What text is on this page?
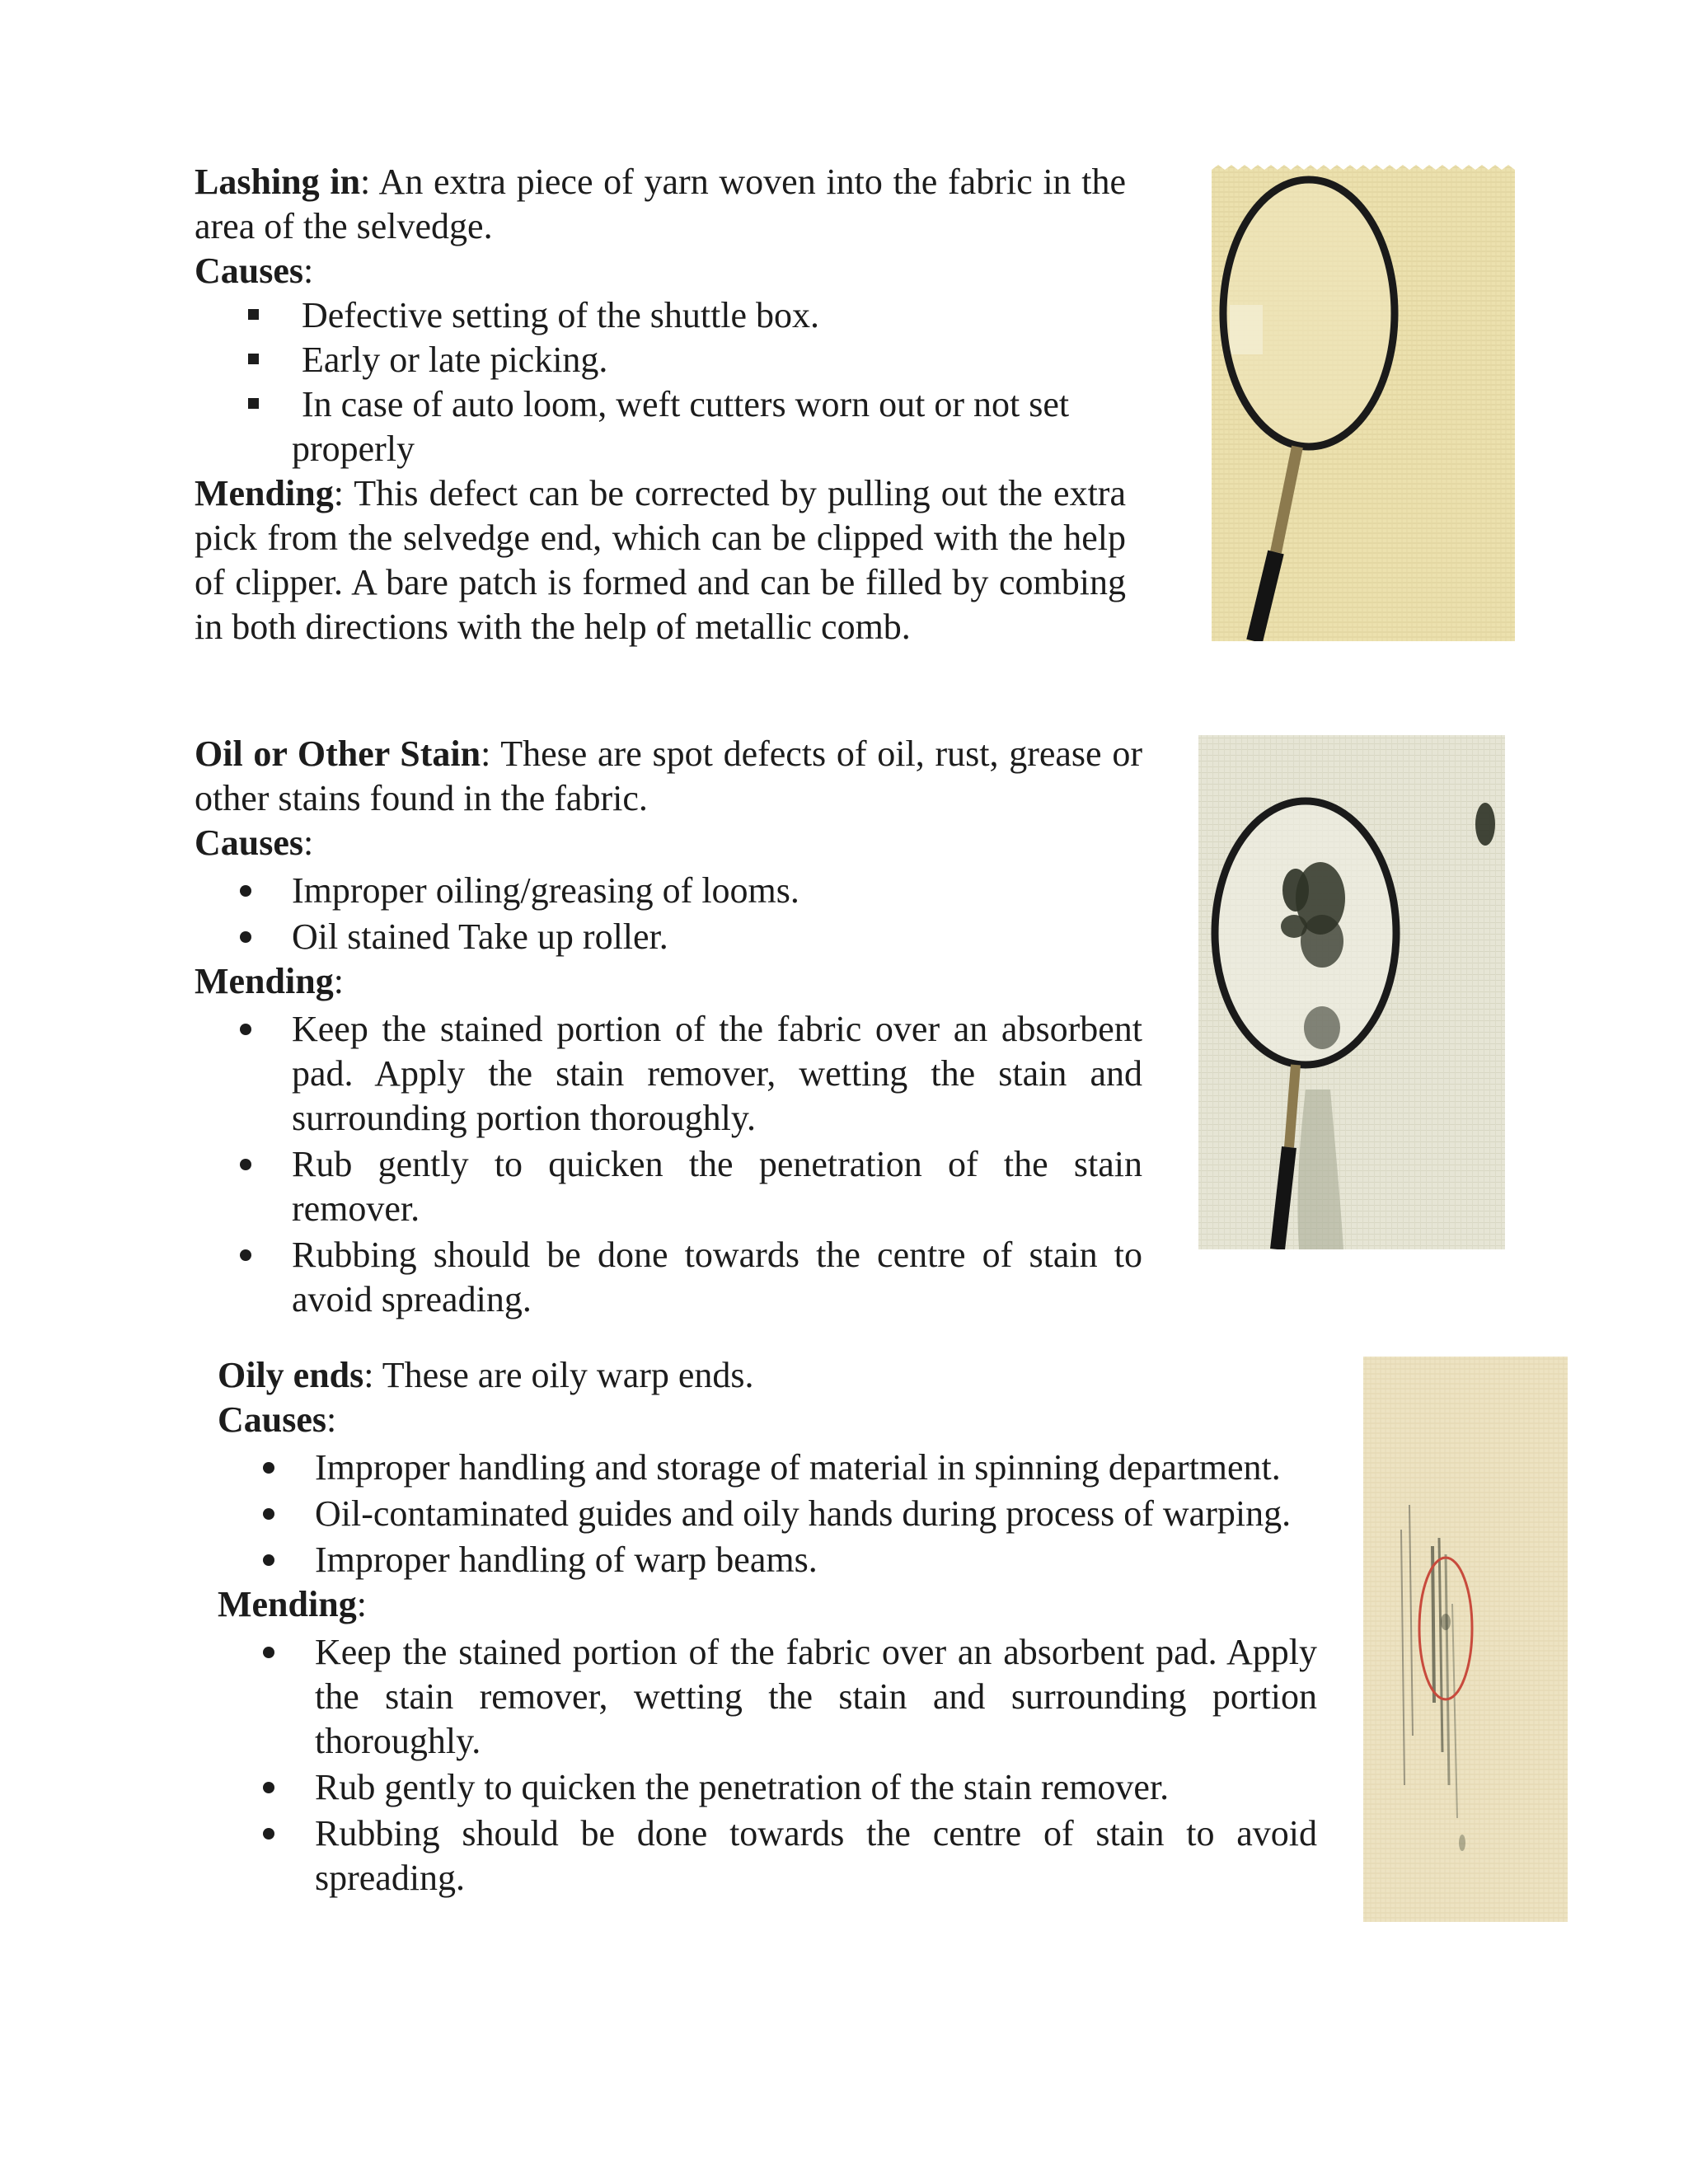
Lashing in: An extra piece of yarn woven into the fabric in the area of the selvedge.

Causes:

Defective setting of the shuttle box.
Early or late picking.
In case of auto loom, weft cutters worn out or not set
properly

Mending: This defect can be corrected by pulling out the extra pick from the selvedge end, which can be clipped with the help of clipper. A bare patch is formed and can be filled by combing in both directions with the help of metallic comb.

Oil or Other Stain: These are spot defects of oil, rust, grease or other stains found in the fabric.

Causes:

Improper oiling/greasing of looms.
Oil stained Take up roller.

Mending:

Keep the stained portion of the fabric over an absorbent pad. Apply the stain remover, wetting the stain and surrounding portion thoroughly.
Rub gently to quicken the penetration of the stain remover.
Rubbing should be done towards the centre of stain to avoid spreading.

Oily ends: These are oily warp ends.

Causes:

Improper handling and storage of material in spinning department.
Oil-contaminated guides and oily hands during process of warping.
Improper handling of warp beams.

Mending:

Keep the stained portion of the fabric over an absorbent pad. Apply the stain remover, wetting the stain and surrounding portion thoroughly.
Rub gently to quicken the penetration of the stain remover.
Rubbing should be done towards the centre of stain to avoid spreading.
